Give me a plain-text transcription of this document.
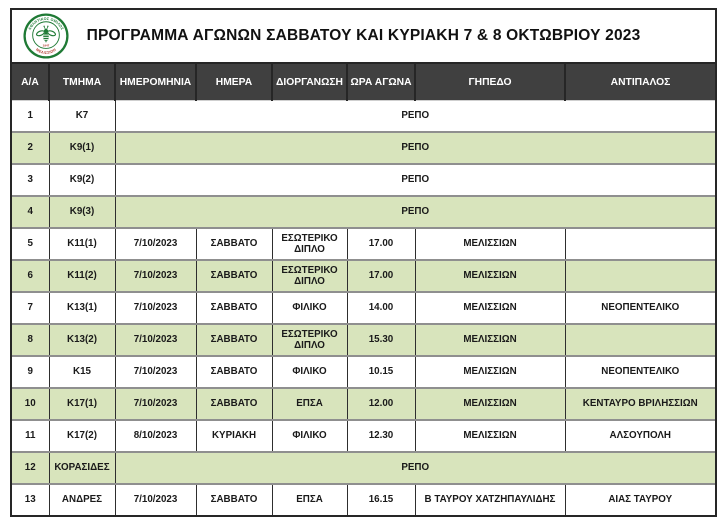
ΑΘΛΗΤΙΚΟΣ ΟΜΙΛΟΣ
ΜΕΛΙΣΣΙΩΝ
1947
ΠΡΟΓΡΑΜΜΑ ΑΓΩΝΩΝ ΣΑΒΒΑΤΟΥ ΚΑΙ ΚΥΡΙΑΚΗ 7 & 8 ΟΚΤΩΒΡΙΟΥ 2023
Α/Α	ΤΜΗΜΑ	ΗΜΕΡΟΜΗΝΙΑ	ΗΜΕΡΑ	ΔΙΟΡΓΑΝΩΣΗ	ΩΡΑ ΑΓΩΝΑ	ΓΗΠΕΔΟ	ΑΝΤΙΠΑΛΟΣ
1	Κ7	ΡΕΠΟ					
2	Κ9(1)	ΡΕΠΟ					
3	Κ9(2)	ΡΕΠΟ					
4	Κ9(3)	ΡΕΠΟ					
5	Κ11(1)	7/10/2023	ΣΑΒΒΑΤΟ	ΕΣΩΤΕΡΙΚΟ ΔΙΠΛΟ	17.00	ΜΕΛΙΣΣΙΩΝ	
6	Κ11(2)	7/10/2023	ΣΑΒΒΑΤΟ	ΕΣΩΤΕΡΙΚΟ ΔΙΠΛΟ	17.00	ΜΕΛΙΣΣΙΩΝ	
7	Κ13(1)	7/10/2023	ΣΑΒΒΑΤΟ	ΦΙΛΙΚΟ	14.00	ΜΕΛΙΣΣΙΩΝ	ΝΕΟΠΕΝΤΕΛΙΚΟ
8	Κ13(2)	7/10/2023	ΣΑΒΒΑΤΟ	ΕΣΩΤΕΡΙΚΟ ΔΙΠΛΟ	15.30	ΜΕΛΙΣΣΙΩΝ	
9	Κ15	7/10/2023	ΣΑΒΒΑΤΟ	ΦΙΛΙΚΟ	10.15	ΜΕΛΙΣΣΙΩΝ	ΝΕΟΠΕΝΤΕΛΙΚΟ
10	Κ17(1)	7/10/2023	ΣΑΒΒΑΤΟ	ΕΠΣΑ	12.00	ΜΕΛΙΣΣΙΩΝ	ΚΕΝΤΑΥΡΟ ΒΡΙΛΗΣΣΙΩΝ
11	Κ17(2)	8/10/2023	ΚΥΡΙΑΚΗ	ΦΙΛΙΚΟ	12.30	ΜΕΛΙΣΣΙΩΝ	ΑΛΣΟΥΠΟΛΗ
12	ΚΟΡΑΣΙΔΕΣ	ΡΕΠΟ					
13	ΑΝΔΡΕΣ	7/10/2023	ΣΑΒΒΑΤΟ	ΕΠΣΑ	16.15	Β ΤΑΥΡΟΥ ΧΑΤΖΗΠΑΥΛΙΔΗΣ	ΑΙΑΣ ΤΑΥΡΟΥ
